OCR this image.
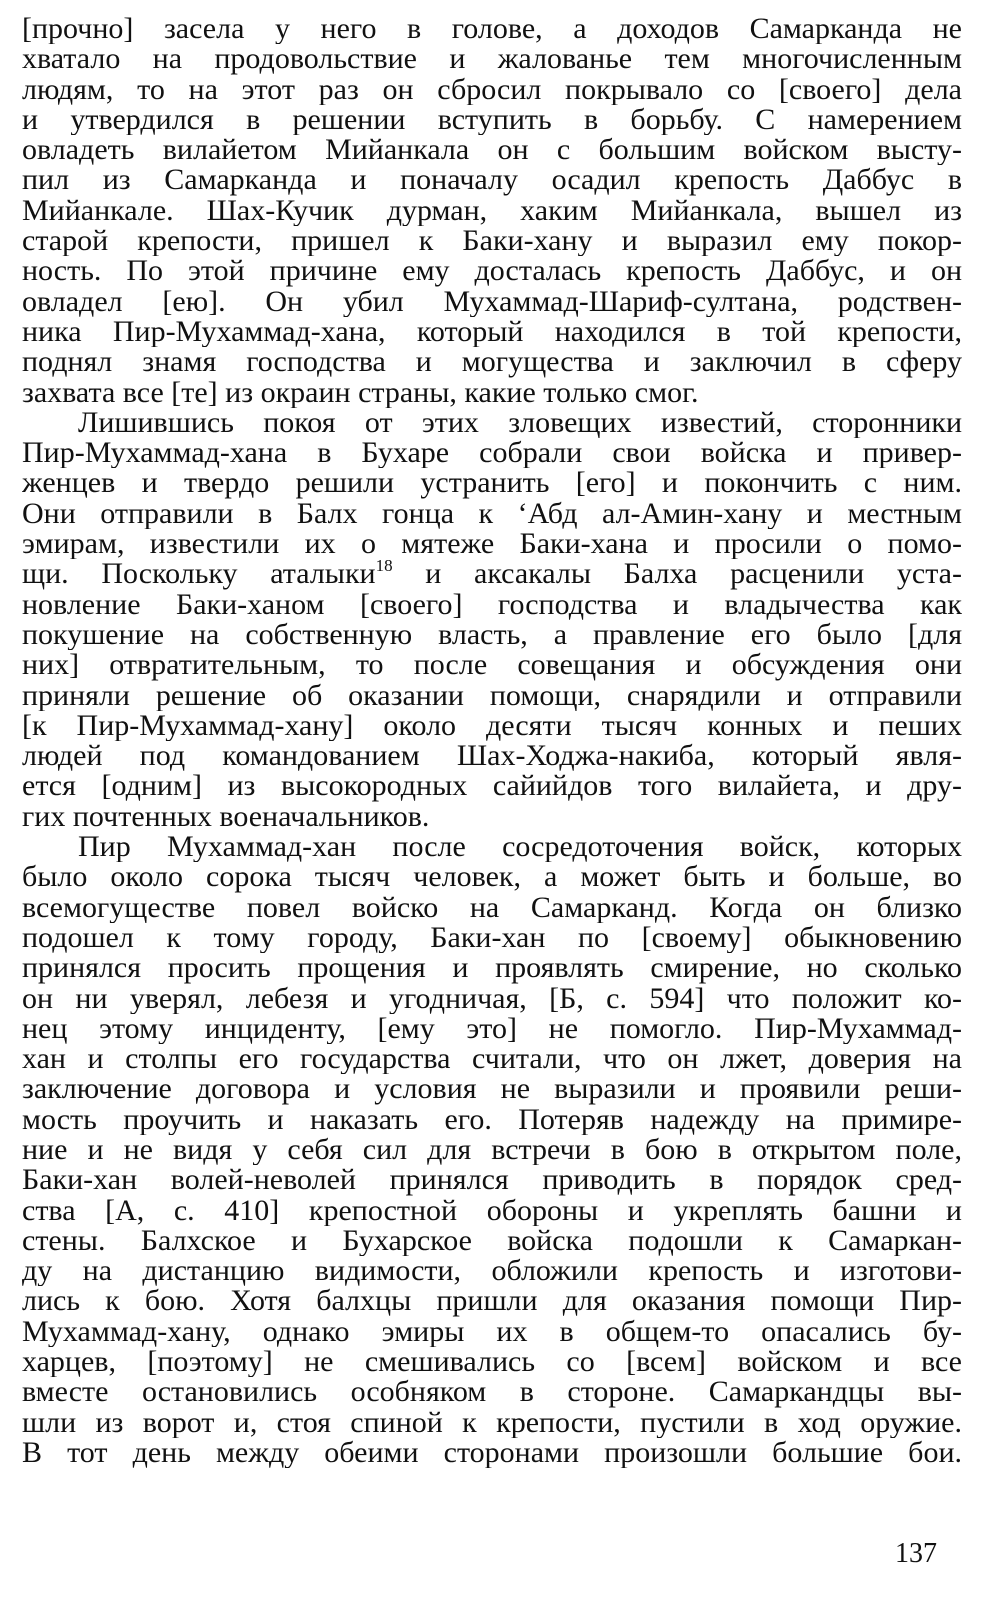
[прочно] засела у него в голове, а доходов Самарканда не
хватало на продовольствие и жалованье тем многочисленным
людям, то на этот раз он сбросил покрывало со [своего] дела
и утвердился в решении вступить в борьбу. С намерением
овладеть вилайетом Мийанкала он с большим войском высту-
пил из Самарканда и поначалу осадил крепость Даббус в
Мийанкале. Шах-Кучик дурман, хаким Мийанкала, вышел из
старой крепости, пришел к Баки-хану и выразил ему покор-
ность. По этой причине ему досталась крепость Даббус, и он
овладел [ею]. Он убил Мухаммад-Шариф-султана, родствен-
ника Пир-Мухаммад-хана, который находился в той крепости,
поднял знамя господства и могущества и заключил в сферу
захвата все [те] из окраин страны, какие только смог.
Лишившись покоя от этих зловещих известий, сторонники
Пир-Мухаммад-хана в Бухаре собрали свои войска и привер-
женцев и твердо решили устранить [его] и покончить с ним.
Они отправили в Балх гонца к ‘Абд ал-Амин-хану и местным
эмирам, известили их о мятеже Баки-хана и просили о помо-
щи. Поскольку аталыки$^{18}$ и аксакалы Балха расценили уста-
новление Баки-ханом [своего] господства и владычества как
покушение на собственную власть, а правление его было [для
них] отвратительным, то после совещания и обсуждения они
приняли решение об оказании помощи, снарядили и отправили
[к Пир-Мухаммад-хану] около десяти тысяч конных и пеших
людей под командованием Шах-Ходжа-накиба, который явля-
ется [одним] из высокородных сайийдов того вилайета, и дру-
гих почтенных военачальников.
Пир Мухаммад-хан после сосредоточения войск, которых
было около сорока тысяч человек, а может быть и больше, во
всемогуществе повел войско на Самарканд. Когда он близко
подошел к тому городу, Баки-хан по [своему] обыкновению
принялся просить прощения и проявлять смирение, но сколько
он ни уверял, лебезя и угодничая, [Б, с. 594] что положит ко-
нец этому инциденту, [ему это] не помогло. Пир-Мухаммад-
хан и столпы его государства считали, что он лжет, доверия на
заключение договора и условия не выразили и проявили реши-
мость проучить и наказать его. Потеряв надежду на примире-
ние и не видя у себя сил для встречи в бою в открытом поле,
Баки-хан волей-неволей принялся приводить в порядок сред-
ства [А, с. 410] крепостной обороны и укреплять башни и
стены. Балхское и Бухарское войска подошли к Самаркан-
ду на дистанцию видимости, обложили крепость и изготови-
лись к бою. Хотя балхцы пришли для оказания помощи Пир-
Мухаммад-хану, однако эмиры их в общем-то опасались бу-
харцев, [поэтому] не смешивались со [всем] войском и все
вместе остановились особняком в стороне. Самаркандцы вы-
шли из ворот и, стоя спиной к крепости, пустили в ход оружие.
В тот день между обеими сторонами произошли большие бои.
137
